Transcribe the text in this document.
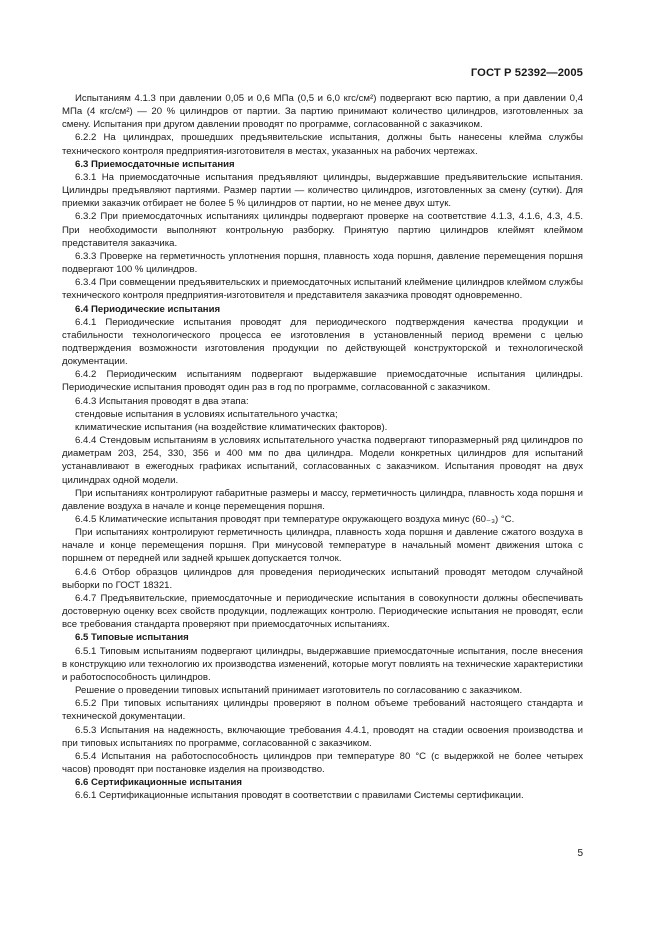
ГОСТ Р 52392—2005

Испытаниям 4.1.3 при давлении 0,05 и 0,6 МПа (0,5 и 6,0 кгс/см²) подвергают всю партию, а при давлении 0,4 МПа (4 кгс/см²) — 20 % цилиндров от партии. За партию принимают количество цилиндров, изготовленных за смену. Испытания при другом давлении проводят по программе, согласованной с заказчиком.

6.2.2 На цилиндрах, прошедших предъявительские испытания, должны быть нанесены клейма службы технического контроля предприятия-изготовителя в местах, указанных на рабочих чертежах.

6.3 Приемосдаточные испытания

6.3.1 На приемосдаточные испытания предъявляют цилиндры, выдержавшие предъявительские испытания. Цилиндры предъявляют партиями. Размер партии — количество цилиндров, изготовленных за смену (сутки). Для приемки заказчик отбирает не более 5 % цилиндров от партии, но не менее двух штук.

6.3.2 При приемосдаточных испытаниях цилиндры подвергают проверке на соответствие 4.1.3, 4.1.6, 4.3, 4.5. При необходимости выполняют контрольную разборку. Принятую партию цилиндров клеймят клеймом представителя заказчика.

6.3.3 Проверке на герметичность уплотнения поршня, плавность хода поршня, давление перемещения поршня подвергают 100 % цилиндров.

6.3.4 При совмещении предъявительских и приемосдаточных испытаний клеймение цилиндров клеймом службы технического контроля предприятия-изготовителя и представителя заказчика проводят одновременно.

6.4 Периодические испытания

6.4.1 Периодические испытания проводят для периодического подтверждения качества продукции и стабильности технологического процесса ее изготовления в установленный период времени с целью подтверждения возможности изготовления продукции по действующей конструкторской и технологической документации.

6.4.2 Периодическим испытаниям подвергают выдержавшие приемосдаточные испытания цилиндры. Периодические испытания проводят один раз в год по программе, согласованной с заказчиком.

6.4.3 Испытания проводят в два этапа:

стендовые испытания в условиях испытательного участка;

климатические испытания (на воздействие климатических факторов).

6.4.4 Стендовым испытаниям в условиях испытательного участка подвергают типоразмерный ряд цилиндров по диаметрам 203, 254, 330, 356 и 400 мм по два цилиндра. Модели конкретных цилиндров для испытаний устанавливают в ежегодных графиках испытаний, согласованных с заказчиком. Испытания проводят на двух цилиндрах одной модели.

При испытаниях контролируют габаритные размеры и массу, герметичность цилиндра, плавность хода поршня и давление воздуха в начале и конце перемещения поршня.

6.4.5 Климатические испытания проводят при температуре окружающего воздуха минус (60₋₃) °С.

При испытаниях контролируют герметичность цилиндра, плавность хода поршня и давление сжатого воздуха в начале и конце перемещения поршня. При минусовой температуре в начальный момент движения штока с поршнем от передней или задней крышек допускается толчок.

6.4.6 Отбор образцов цилиндров для проведения периодических испытаний проводят методом случайной выборки по ГОСТ 18321.

6.4.7 Предъявительские, приемосдаточные и периодические испытания в совокупности должны обеспечивать достоверную оценку всех свойств продукции, подлежащих контролю. Периодические испытания не проводят, если все требования стандарта проверяют при приемосдаточных испытаниях.

6.5 Типовые испытания

6.5.1 Типовым испытаниям подвергают цилиндры, выдержавшие приемосдаточные испытания, после внесения в конструкцию или технологию их производства изменений, которые могут повлиять на технические характеристики и работоспособность цилиндров.

Решение о проведении типовых испытаний принимает изготовитель по согласованию с заказчиком.

6.5.2 При типовых испытаниях цилиндры проверяют в полном объеме требований настоящего стандарта и технической документации.

6.5.3 Испытания на надежность, включающие требования 4.4.1, проводят на стадии освоения производства и при типовых испытаниях по программе, согласованной с заказчиком.

6.5.4 Испытания на работоспособность цилиндров при температуре 80 °С (с выдержкой не более четырех часов) проводят при постановке изделия на производство.

6.6 Сертификационные испытания

6.6.1 Сертификационные испытания проводят в соответствии с правилами Системы сертификации.

5
